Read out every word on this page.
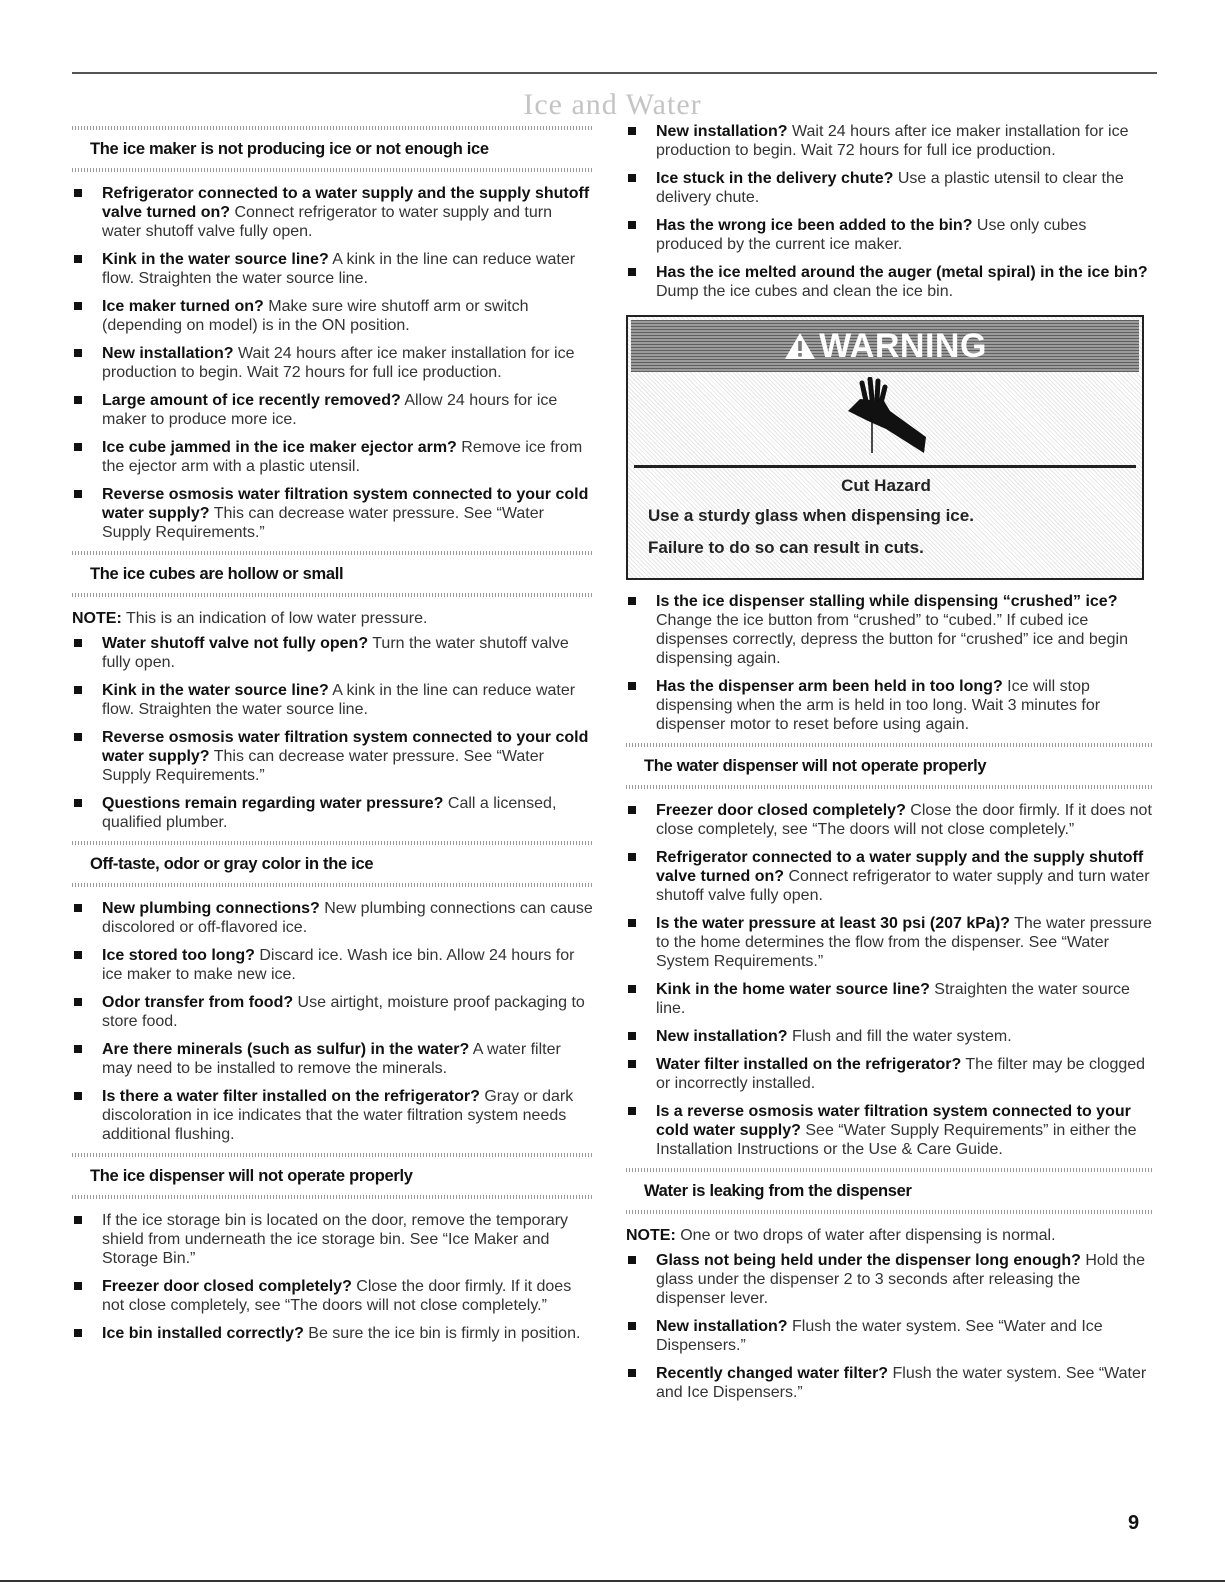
Ice and Water
The ice maker is not producing ice or not enough ice
Refrigerator connected to a water supply and the supply shutoff valve turned on? Connect refrigerator to water supply and turn water shutoff valve fully open.
Kink in the water source line? A kink in the line can reduce water flow. Straighten the water source line.
Ice maker turned on? Make sure wire shutoff arm or switch (depending on model) is in the ON position.
New installation? Wait 24 hours after ice maker installation for ice production to begin. Wait 72 hours for full ice production.
Large amount of ice recently removed? Allow 24 hours for ice maker to produce more ice.
Ice cube jammed in the ice maker ejector arm? Remove ice from the ejector arm with a plastic utensil.
Reverse osmosis water filtration system connected to your cold water supply? This can decrease water pressure. See “Water Supply Requirements.”
The ice cubes are hollow or small

NOTE: This is an indication of low water pressure.

Water shutoff valve not fully open? Turn the water shutoff valve fully open.
Kink in the water source line? A kink in the line can reduce water flow. Straighten the water source line.
Reverse osmosis water filtration system connected to your cold water supply? This can decrease water pressure. See “Water Supply Requirements.”
Questions remain regarding water pressure? Call a licensed, qualified plumber.
Off-taste, odor or gray color in the ice
New plumbing connections? New plumbing connections can cause discolored or off-flavored ice.
Ice stored too long? Discard ice. Wash ice bin. Allow 24 hours for ice maker to make new ice.
Odor transfer from food? Use airtight, moisture proof packaging to store food.
Are there minerals (such as sulfur) in the water? A water filter may need to be installed to remove the minerals.
Is there a water filter installed on the refrigerator? Gray or dark discoloration in ice indicates that the water filtration system needs additional flushing.
The ice dispenser will not operate properly
If the ice storage bin is located on the door, remove the temporary shield from underneath the ice storage bin. See “Ice Maker and Storage Bin.”
Freezer door closed completely? Close the door firmly. If it does not close completely, see “The doors will not close completely.”
Ice bin installed correctly? Be sure the ice bin is firmly in position.
New installation? Wait 24 hours after ice maker installation for ice production to begin. Wait 72 hours for full ice production.
Ice stuck in the delivery chute? Use a plastic utensil to clear the delivery chute.
Has the wrong ice been added to the bin? Use only cubes produced by the current ice maker.
Has the ice melted around the auger (metal spiral) in the ice bin? Dump the ice cubes and clean the ice bin.
WARNING
Cut Hazard
Use a sturdy glass when dispensing ice.
Failure to do so can result in cuts.
Is the ice dispenser stalling while dispensing “crushed” ice? Change the ice button from “crushed” to “cubed.” If cubed ice dispenses correctly, depress the button for “crushed” ice and begin dispensing again.
Has the dispenser arm been held in too long? Ice will stop dispensing when the arm is held in too long. Wait 3 minutes for dispenser motor to reset before using again.
The water dispenser will not operate properly
Freezer door closed completely? Close the door firmly. If it does not close completely, see “The doors will not close completely.”
Refrigerator connected to a water supply and the supply shutoff valve turned on? Connect refrigerator to water supply and turn water shutoff valve fully open.
Is the water pressure at least 30 psi (207 kPa)? The water pressure to the home determines the flow from the dispenser. See “Water System Requirements.”
Kink in the home water source line? Straighten the water source line.
New installation? Flush and fill the water system.
Water filter installed on the refrigerator? The filter may be clogged or incorrectly installed.
Is a reverse osmosis water filtration system connected to your cold water supply? See “Water Supply Requirements” in either the Installation Instructions or the Use & Care Guide.
Water is leaking from the dispenser

NOTE: One or two drops of water after dispensing is normal.

Glass not being held under the dispenser long enough? Hold the glass under the dispenser 2 to 3 seconds after releasing the dispenser lever.
New installation? Flush the water system. See “Water and Ice Dispensers.”
Recently changed water filter? Flush the water system. See “Water and Ice Dispensers.”
9
